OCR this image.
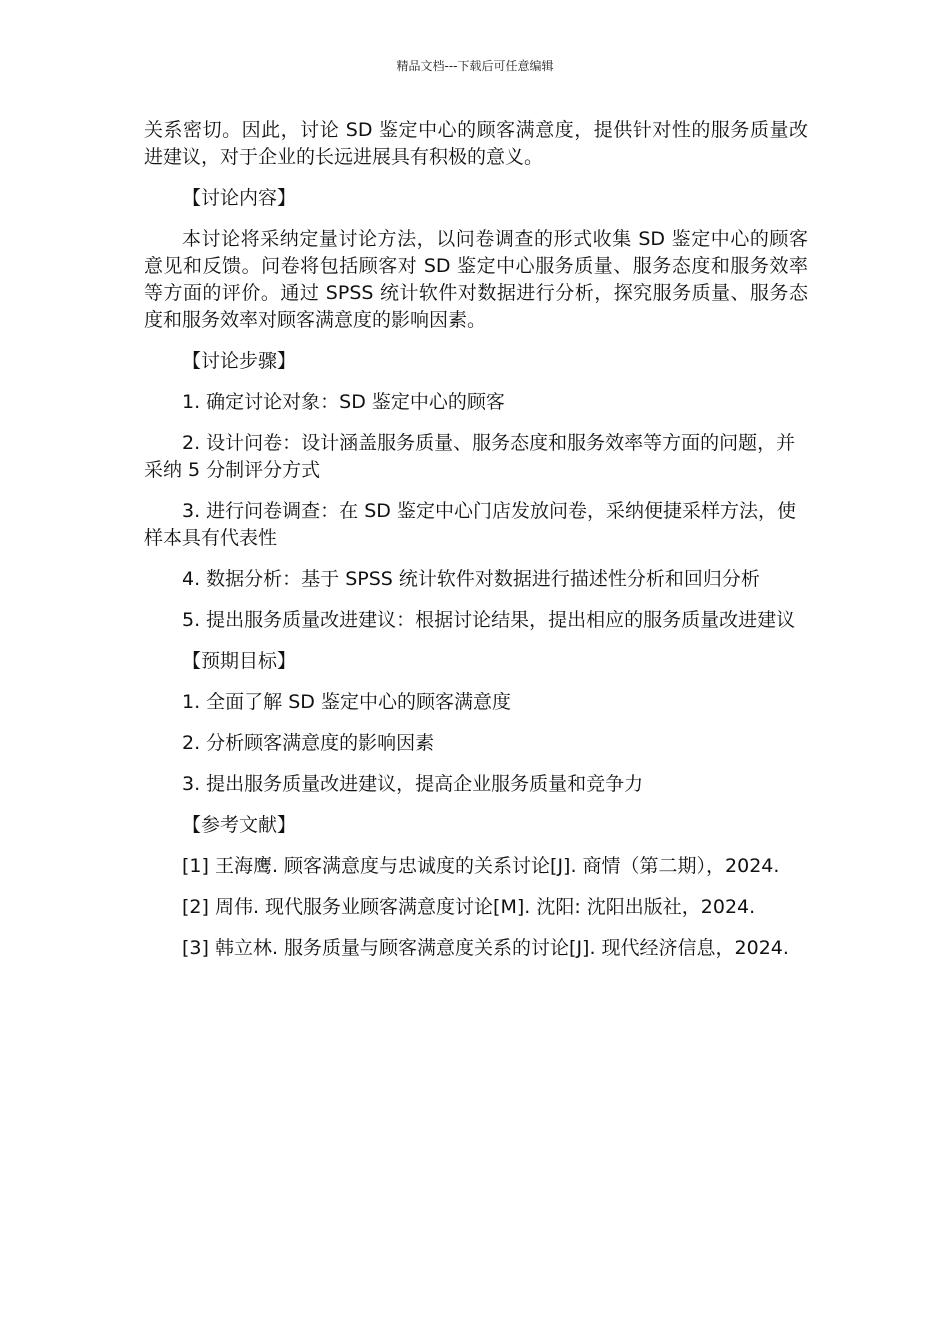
精品文档---下载后可任意编辑

关系密切。因此，讨论 SD 鉴定中心的顾客满意度，提供针对性的服务质量改进建议，对于企业的长远进展具有积极的意义。

【讨论内容】

本讨论将采纳定量讨论方法，以问卷调查的形式收集 SD 鉴定中心的顾客意见和反馈。问卷将包括顾客对 SD 鉴定中心服务质量、服务态度和服务效率等方面的评价。通过 SPSS 统计软件对数据进行分析，探究服务质量、服务态度和服务效率对顾客满意度的影响因素。

【讨论步骤】

1. 确定讨论对象：SD 鉴定中心的顾客

2. 设计问卷：设计涵盖服务质量、服务态度和服务效率等方面的问题，并采纳 5 分制评分方式

3. 进行问卷调查：在 SD 鉴定中心门店发放问卷，采纳便捷采样方法，使样本具有代表性

4. 数据分析：基于 SPSS 统计软件对数据进行描述性分析和回归分析

5. 提出服务质量改进建议：根据讨论结果，提出相应的服务质量改进建议

【预期目标】

1. 全面了解 SD 鉴定中心的顾客满意度

2. 分析顾客满意度的影响因素

3. 提出服务质量改进建议，提高企业服务质量和竞争力

【参考文献】

[1] 王海鹰. 顾客满意度与忠诚度的关系讨论[J]. 商情（第二期），2024.

[2] 周伟. 现代服务业顾客满意度讨论[M]. 沈阳: 沈阳出版社，2024.

[3] 韩立林. 服务质量与顾客满意度关系的讨论[J]. 现代经济信息，2024.
